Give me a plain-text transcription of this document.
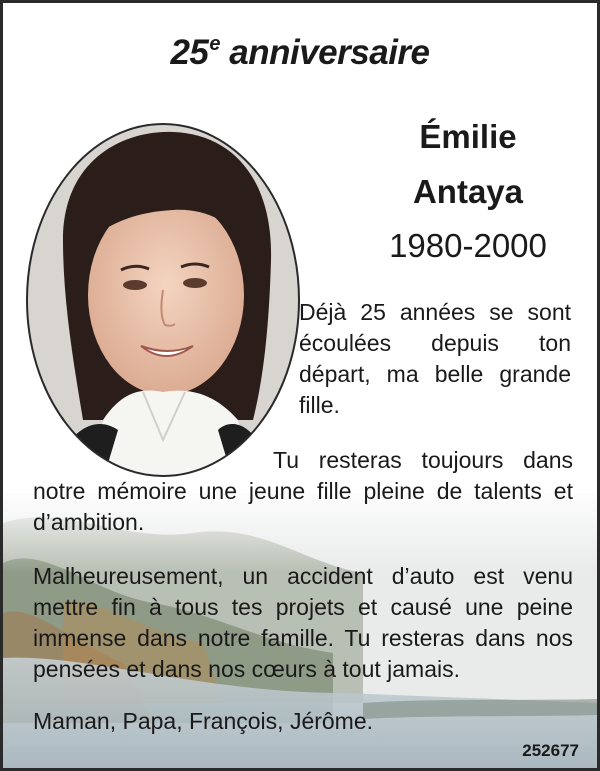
25e anniversaire
Émilie
Antaya
1980-2000
Déjà 25 années se sont écoulées depuis ton départ, ma belle grande fille.
Tu resteras toujours dans notre mémoire une jeune fille pleine de talents et d’ambition.
Malheureusement, un accident d’auto est venu mettre fin à tous tes projets et causé une peine immense dans notre famille. Tu resteras dans nos pensées et dans nos cœurs à tout jamais.
Maman, Papa, François, Jérôme.
252677
